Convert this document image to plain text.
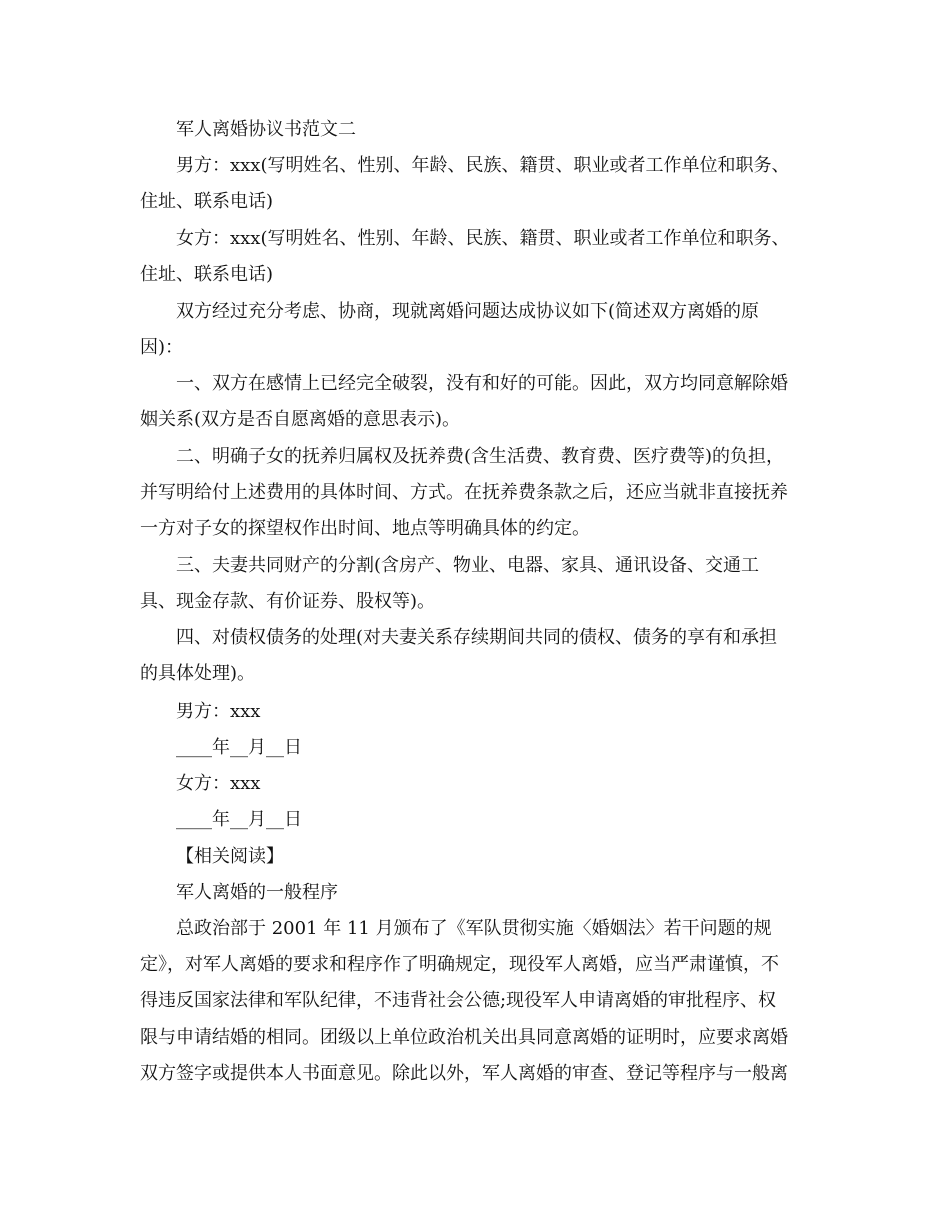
军人离婚协议书范文二
男方：xxx(写明姓名、性别、年龄、民族、籍贯、职业或者工作单位和职务、
住址、联系电话)
女方：xxx(写明姓名、性别、年龄、民族、籍贯、职业或者工作单位和职务、
住址、联系电话)
双方经过充分考虑、协商，现就离婚问题达成协议如下(简述双方离婚的原
因)：
一、双方在感情上已经完全破裂，没有和好的可能。因此，双方均同意解除婚
姻关系(双方是否自愿离婚的意思表示)。
二、明确子女的抚养归属权及抚养费(含生活费、教育费、医疗费等)的负担，
并写明给付上述费用的具体时间、方式。在抚养费条款之后，还应当就非直接抚养
一方对子女的探望权作出时间、地点等明确具体的约定。
三、夫妻共同财产的分割(含房产、物业、电器、家具、通讯设备、交通工
具、现金存款、有价证券、股权等)。
四、对债权债务的处理(对夫妻关系存续期间共同的债权、债务的享有和承担
的具体处理)。
男方：xxx
____年__月__日
女方：xxx
____年__月__日
【相关阅读】
军人离婚的一般程序
总政治部于 2001 年 11 月颁布了《军队贯彻实施〈婚姻法〉若干问题的规
定》，对军人离婚的要求和程序作了明确规定，现役军人离婚，应当严肃谨慎，不
得违反国家法律和军队纪律，不违背社会公德;现役军人申请离婚的审批程序、权
限与申请结婚的相同。团级以上单位政治机关出具同意离婚的证明时，应要求离婚
双方签字或提供本人书面意见。除此以外，军人离婚的审查、登记等程序与一般离
